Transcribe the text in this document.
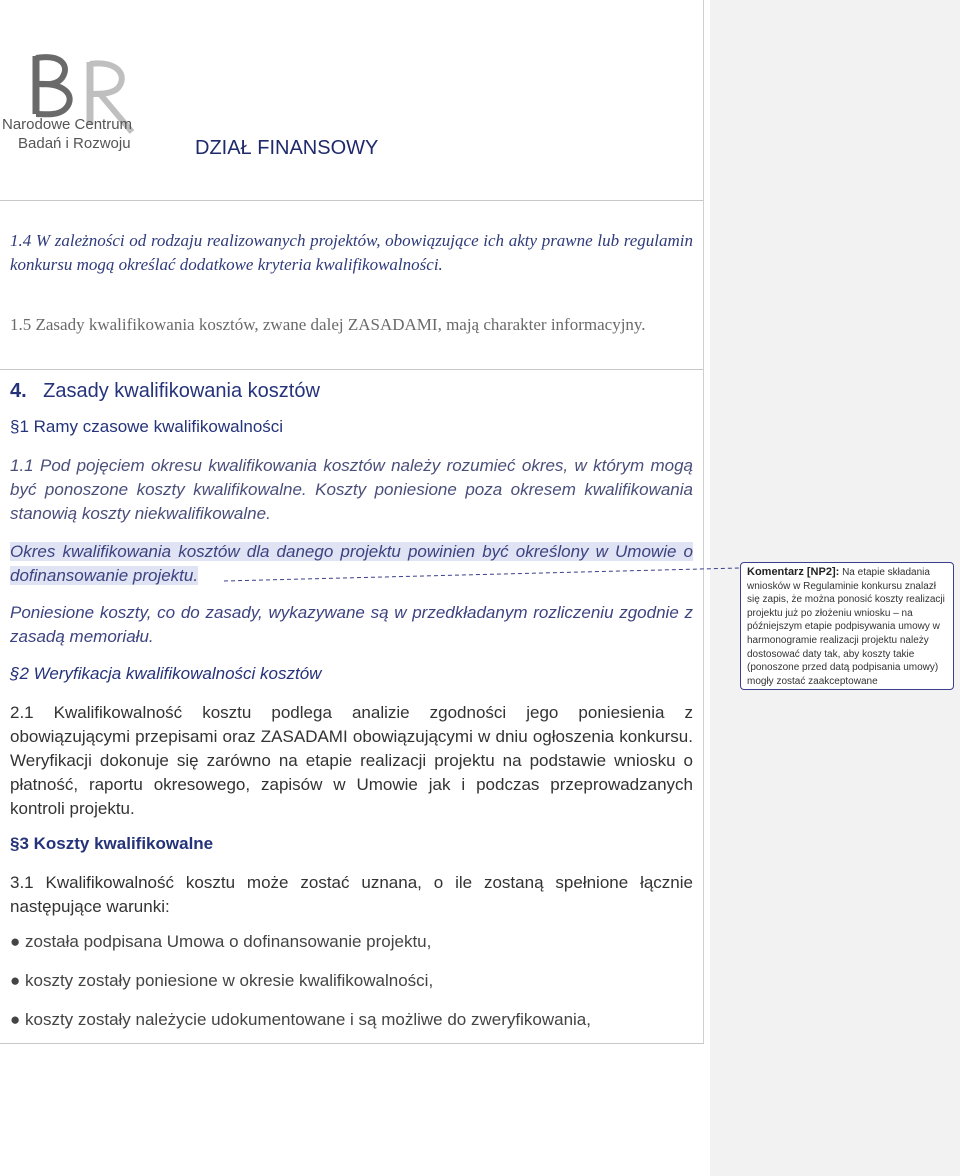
Narodowe Centrum
Badań i Rozwoju	DZIAŁ FINANSOWY

1.4 W zależności od rodzaju realizowanych projektów, obowiązujące ich akty prawne lub regulamin konkursu mogą określać dodatkowe kryteria kwalifikowalności.

1.5 Zasady kwalifikowania kosztów, zwane dalej ZASADAMI, mają charakter informacyjny.

4. Zasady kwalifikowania kosztów
§1 Ramy czasowe kwalifikowalności

1.1 Pod pojęciem okresu kwalifikowania kosztów należy rozumieć okres, w którym mogą być ponoszone koszty kwalifikowalne. Koszty poniesione poza okresem kwalifikowania stanowią koszty niekwalifikowalne.

Okres kwalifikowania kosztów dla danego projektu powinien być określony w Umowie o dofinansowanie projektu.

Poniesione koszty, co do zasady, wykazywane są w przedkładanym rozliczeniu zgodnie z zasadą memoriału.

§2 Weryfikacja kwalifikowalności kosztów

2.1 Kwalifikowalność kosztu podlega analizie zgodności jego poniesienia z obowiązującymi przepisami oraz ZASADAMI obowiązującymi w dniu ogłoszenia konkursu. Weryfikacji dokonuje się zarówno na etapie realizacji projektu na podstawie wniosku o płatność, raportu okresowego, zapisów w Umowie jak i podczas przeprowadzanych kontroli projektu.

§3 Koszty kwalifikowalne

3.1 Kwalifikowalność kosztu może zostać uznana, o ile zostaną spełnione łącznie następujące warunki:

● została podpisana Umowa o dofinansowanie projektu,
● koszty zostały poniesione w okresie kwalifikowalności,
● koszty zostały należycie udokumentowane i są możliwe do zweryfikowania,
Komentarz [NP2]: Na etapie składania wniosków w Regulaminie konkursu znalazł się zapis, że można ponosić koszty realizacji projektu już po złożeniu wniosku – na późniejszym etapie podpisywania umowy w harmonogramie realizacji projektu należy dostosować daty tak, aby koszty takie (ponoszone przed datą podpisania umowy) mogły zostać zaakceptowane
